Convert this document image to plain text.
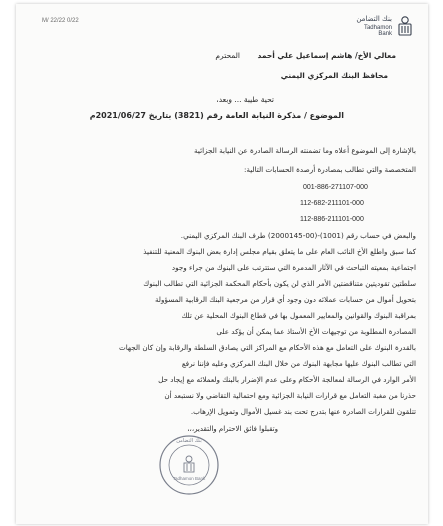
بنك التضامن
Tadhamon Bank
M/ 22/22 0/22
معالي الأخ/ هاشم إسماعيل علي أحمد
المحترم
محافظ البنك المركزي اليمني
تحية طيبة ... وبعد،
الموضوع / مذكرة النيابة العامة رقم (3821) بتاريخ 2021/06/27م
بالإشارة إلى الموضوع أعلاه وما تضمنته الرسالة الصادرة عن النيابة الجزائية
المتخصصة والتي تطالب بمصادرة أرصدة الحسابات التالية:
001-886-271107-000
112-682-211101-000
112-886-211101-000
والبعض في حساب رقم (1001)-(00-2000145) طرف البنك المركزي اليمني.
كما سبق واطلع الأخ النائب العام على ما يتعلق بقيام مجلس إدارة بعض البنوك المعنية للتنفيذ
اجتماعية بمعيته التباحث في الآثار المدمرة التي ستترتب على البنوك من جراء وجود
سلطتين تقوديتين متناقضتين الأمر الذي لن يكون بأحكام المحكمة الجزائية التي تطالب البنوك
بتحويل أموال من حسابات عملائه دون وجود أي قرار من مرجعية البنك الرقابية المسؤولة
بمراقبة البنوك والقوانين والمعايير المعمول بها في قطاع البنوك المحلية عن تلك
المصادرة المطلوبة من توجيهات الأخ الأستاذ عما يمكن أن يؤكد على
بالقدرة البنوك على التعامل مع هذه الأحكام مع المراكز التي يصادق السلطة والرقابة وإن كان الجهات
التي تطالب البنوك عليها مجابهة البنوك من خلال البنك المركزي وعليه فإننا نرفع
الأمر الوارد في الرسالة لمعالجة الأحكام وعلى عدم الإضرار بالبنك ولعملائه مع إيجاد حل
حذرنا من مغبة التعامل مع قرارات النيابة الجزائية ومع احتمالية التقاضي ولا نستبعد أن
تتلقون للقرارات الصادرة عنها بتدرج تحت بند غسيل الأموال وتمويل الإرهاب.
وتقبلوا فائق الاحترام والتقدير،،،
بنك التضامن
Tadhamon Bank
